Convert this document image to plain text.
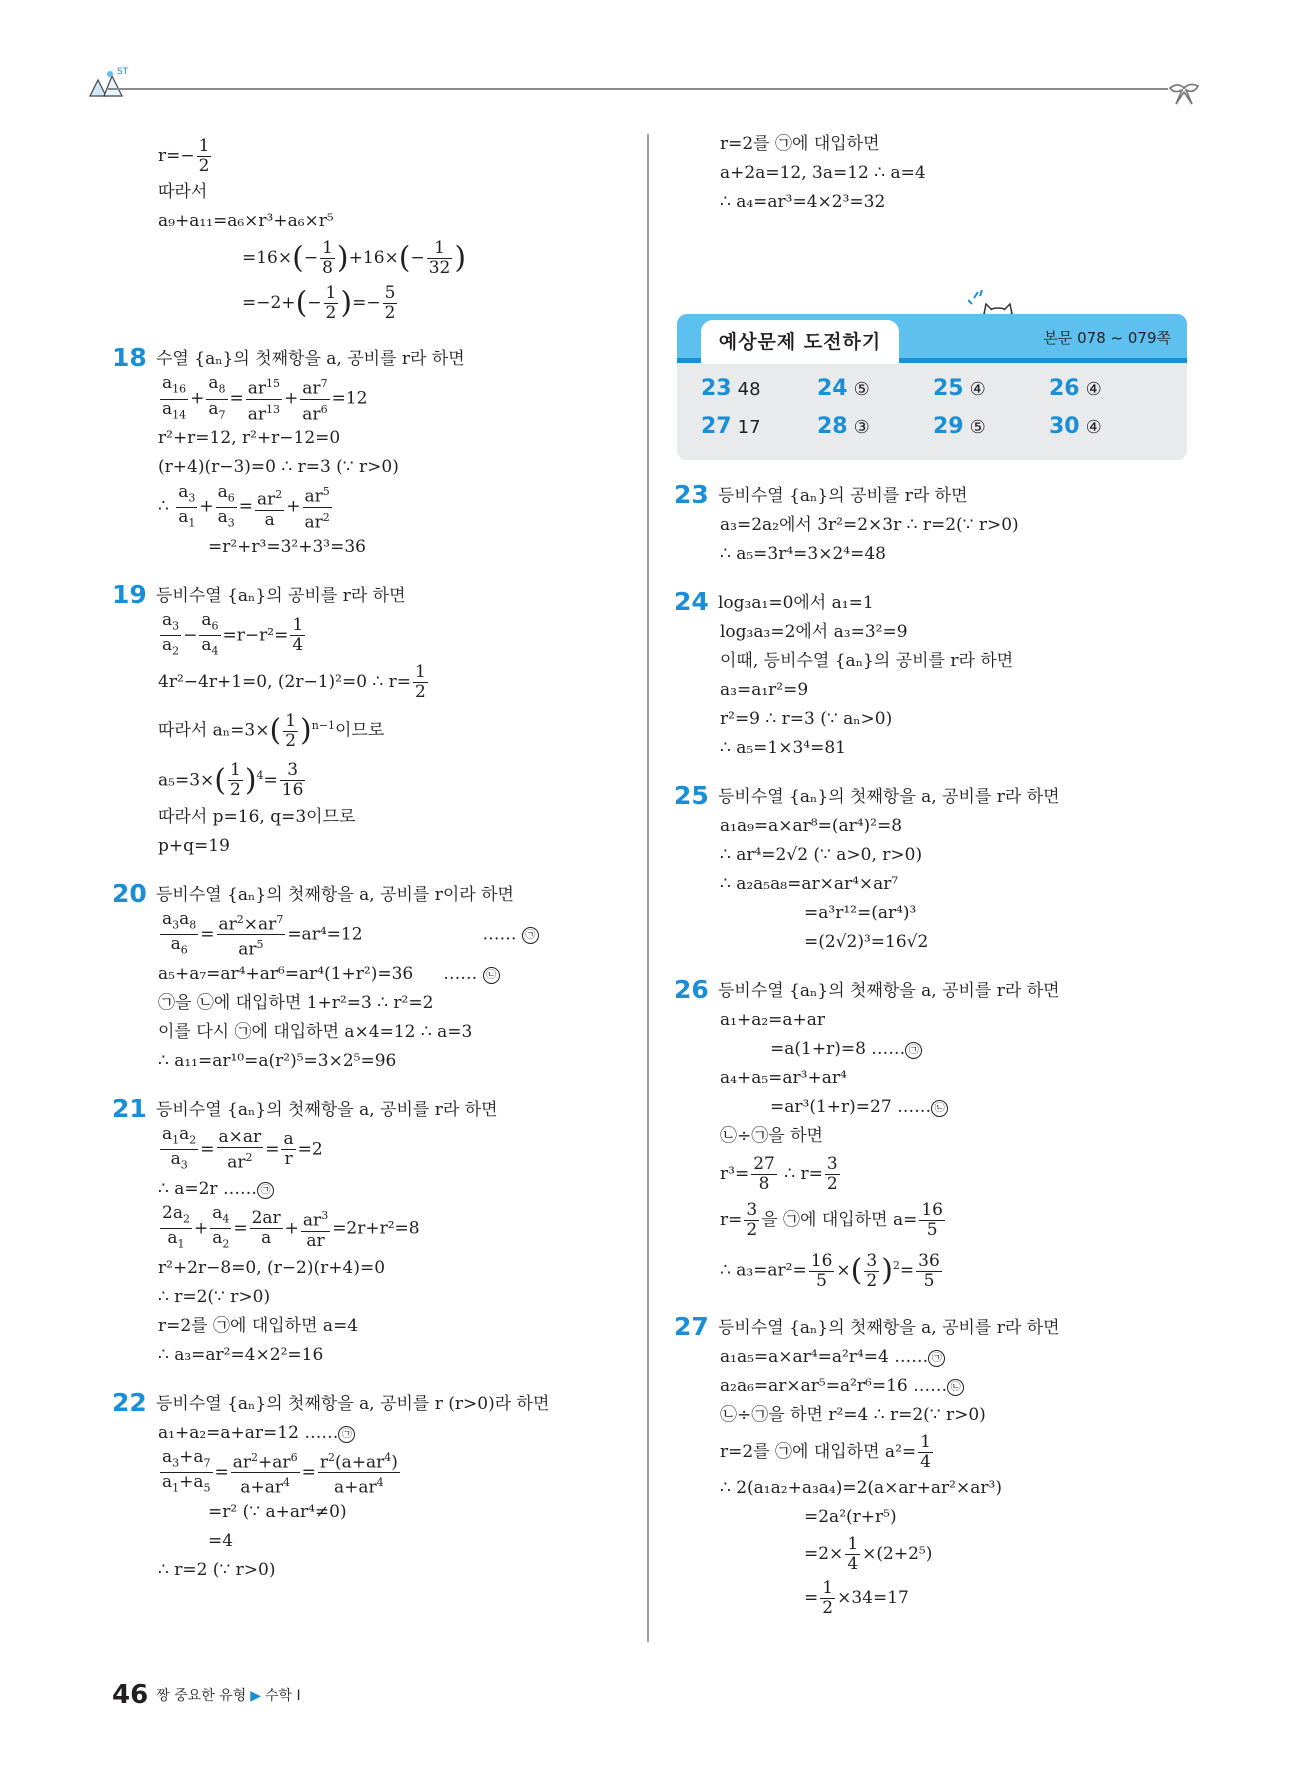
ST
$r=- \frac{1}{2}$
따라서
a₉+a₁₁=a₆×r³+a₆×r⁵
$=16\times(- \frac{1}{8} )+16\times(- \frac{1}{32}$ )
$=-2+(- \frac{1}{2}$ )=− $\frac{5}{2}$
18 수열 {aₙ}의 첫째항을 a, 공비를 r라 하면
$\frac{a_{16}}{a_{14}} + \frac{a_8}{a_7} = \frac{ar^{15}}{ar^{13}} + \frac{ar^7}{ar^6} =12$
r²+r=12, r²+r−12=0
(r+4)(r−3)=0 ∴ r=3 (∵ r>0)
∴ $\frac{a_3}{a_1} + \frac{a_6}{a_3} = \frac{ar^2}{a} + \frac{ar^5}{ar^2}$
=r²+r³=3²+3³=36
19 등비수열 {aₙ}의 공비를 r라 하면
$\frac{a_3}{a_2} - \frac{a_6}{a_4} =r-r^2= \frac{1}{4}$
4r²−4r+1=0, (2r−1)²=0 ∴ $r= \frac{1}{2}$
따라서 $a_n=3\times( \frac{1}{2} )^{n-1}$이므로
$a_5=3\times( \frac{1}{2} )^4= \frac{3}{16}$
따라서 p=16, q=3이므로
p+q=19
20 등비수열 {aₙ}의 첫째항을 a, 공비를 r이라 하면
$\frac{a_3a_8}{a_6} = \frac{ar^2\times ar^7}{ar^5} =ar^4=12$	…… ㉠
a₅+a₇=ar⁴+ar⁶=ar⁴(1+r²)=36 …… ㉡
㉠을 ㉡에 대입하면 1+r²=3 ∴ r²=2
이를 다시 ㉠에 대입하면 a×4=12 ∴ a=3
∴ a₁₁=ar¹⁰=a(r²)⁵=3×2⁵=96
21 등비수열 {aₙ}의 첫째항을 a, 공비를 r라 하면
$\frac{a_1a_2}{a_3} = \frac{a\times ar}{ar^2} = \frac{a}{r} =2$
∴ a=2r …… ㉠
$\frac{2a_2}{a_1} + \frac{a_4}{a_2} = \frac{2ar}{a} + \frac{ar^3}{ar} =2r+r^2=8$
r²+2r−8=0, (r−2)(r+4)=0
∴ r=2(∵ r>0)
r=2를 ㉠에 대입하면 a=4
∴ a₃=ar²=4×2²=16
22 등비수열 {aₙ}의 첫째항을 a, 공비를 r (r>0)라 하면
a₁+a₂=a+ar=12 …… ㉠
$\frac{a_3+a_7}{a_1+a_5} = \frac{ar^2+ar^6}{a+ar^4} = \frac{r^2(a+ar^4)}{a+ar^4}$
=r² (∵ a+ar⁴≠0)
=4
∴ r=2 (∵ r>0)
r=2를 ㉠에 대입하면
a+2a=12, 3a=12 ∴ a=4
∴ a₄=ar³=4×2³=32
예상문제 도전하기	본문 078 ~ 079쪽
23 48	24 ⑤	25 ④	26 ④
27 17	28 ③	29 ⑤	30 ④
23 등비수열 {aₙ}의 공비를 r라 하면
a₃=2a₂에서 3r²=2×3r ∴ r=2(∵ r>0)
∴ a₅=3r⁴=3×2⁴=48
24 log₃a₁=0에서 a₁=1
log₃a₃=2에서 a₃=3²=9
이때, 등비수열 {aₙ}의 공비를 r라 하면
a₃=a₁r²=9
r²=9 ∴ r=3 (∵ aₙ>0)
∴ a₅=1×3⁴=81
25 등비수열 {aₙ}의 첫째항을 a, 공비를 r라 하면
a₁a₉=a×ar⁸=(ar⁴)²=8
∴ ar⁴=2√2 (∵ a>0, r>0)
∴ a₂a₅a₈=ar×ar⁴×ar⁷
=a³r¹²=(ar⁴)³
=(2√2)³=16√2
26 등비수열 {aₙ}의 첫째항을 a, 공비를 r라 하면
a₁+a₂=a+ar
=a(1+r)=8 …… ㉠
a₄+a₅=ar³+ar⁴
=ar³(1+r)=27 …… ㉡
㉡÷㉠을 하면
$r^3= \frac{27}{8}$ ∴ $r= \frac{3}{2}$
$r= \frac{3}{2}$ 을 ㉠에 대입하면 $a= \frac{16}{5}$
∴ $a_3=ar^2= \frac{16}{5}$ ×( $\frac{3}{2} )^2= \frac{36}{5}$
27 등비수열 {aₙ}의 첫째항을 a, 공비를 r라 하면
a₁a₅=a×ar⁴=a²r⁴=4 …… ㉠
a₂a₆=ar×ar⁵=a²r⁶=16 …… ㉡
㉡÷㉠을 하면 r²=4 ∴ r=2(∵ r>0)
r=2를 ㉠에 대입하면 $a^2= \frac{1}{4}$
∴ 2(a₁a₂+a₃a₄)=2(a×ar+ar²×ar³)
=2a²(r+r⁵)
$=2\times \frac{1}{4} \times(2+2^5)$
= $\frac{1}{2} \times 34=17$
46 짱 중요한 유형 ▶ 수학 I
